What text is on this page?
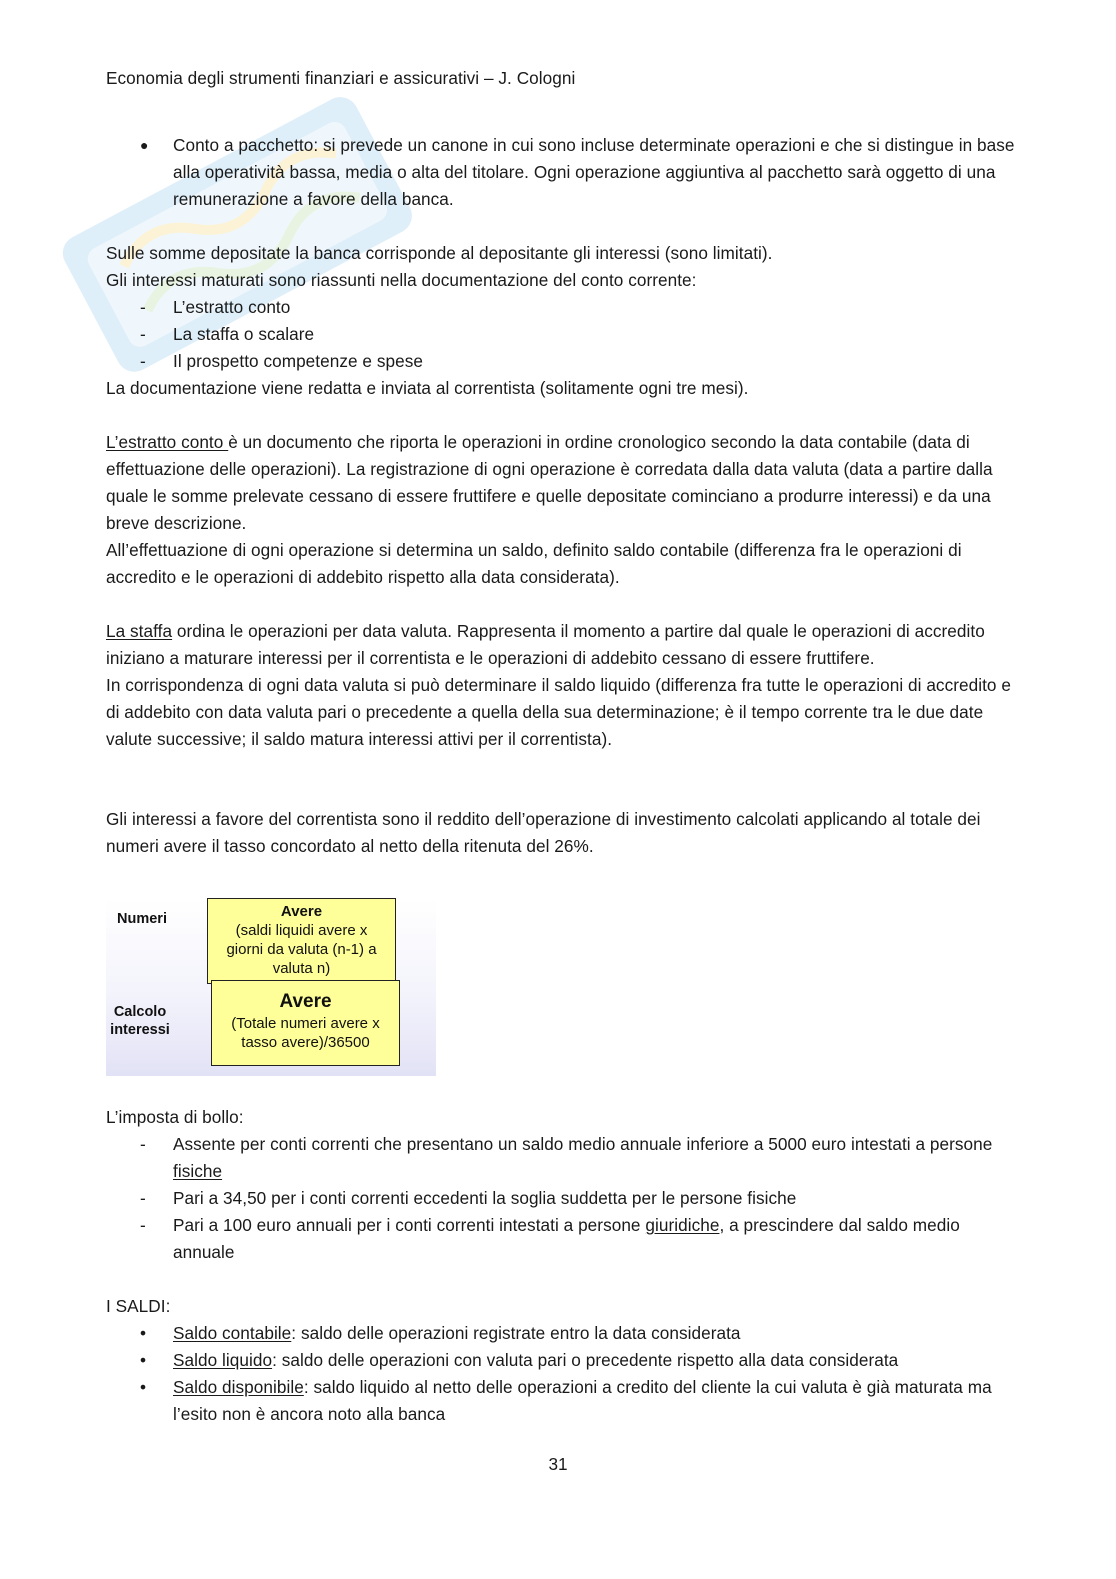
Economia degli strumenti finanziari e assicurativi – J. Cologni
● Conto a pacchetto: si prevede un canone in cui sono incluse determinate operazioni e che si distingue in base alla operatività bassa, media o alta del titolare. Ogni operazione aggiuntiva al pacchetto sarà oggetto di una remunerazione a favore della banca.

Sulle somme depositate la banca corrisponde al depositante gli interessi (sono limitati).

Gli interessi maturati sono riassunti nella documentazione del conto corrente:

- L’estratto conto
- La staffa o scalare
- Il prospetto competenze e spese

La documentazione viene redatta e inviata al correntista (solitamente ogni tre mesi).

L’estratto conto è un documento che riporta le operazioni in ordine cronologico secondo la data contabile (data di effettuazione delle operazioni). La registrazione di ogni operazione è corredata dalla data valuta (data a partire dalla quale le somme prelevate cessano di essere fruttifere e quelle depositate cominciano a produrre interessi) e da una breve descrizione.

All’effettuazione di ogni operazione si determina un saldo, definito saldo contabile (differenza fra le operazioni di accredito e le operazioni di addebito rispetto alla data considerata).

La staffa ordina le operazioni per data valuta. Rappresenta il momento a partire dal quale le operazioni di accredito iniziano a maturare interessi per il correntista e le operazioni di addebito cessano di essere fruttifere.

In corrispondenza di ogni data valuta si può determinare il saldo liquido (differenza fra tutte le operazioni di accredito e di addebito con data valuta pari o precedente a quella della sua determinazione; è il tempo corrente tra le due date valute successive; il saldo matura interessi attivi per il correntista).

Gli interessi a favore del correntista sono il reddito dell’operazione di investimento calcolati applicando al totale dei numeri avere il tasso concordato al netto della ritenuta del 26%.

Numeri
Calcolo
interessi
Avere
(saldi liquidi avere x
giorni da valuta (n-1) a
valuta n)
Avere
(Totale numeri avere x
tasso avere)/36500

L’imposta di bollo:

- Assente per conti correnti che presentano un saldo medio annuale inferiore a 5000 euro intestati a persone fisiche
- Pari a 34,50 per i conti correnti eccedenti la soglia suddetta per le persone fisiche
- Pari a 100 euro annuali per i conti correnti intestati a persone giuridiche, a prescindere dal saldo medio annuale

I SALDI:

• Saldo contabile: saldo delle operazioni registrate entro la data considerata
• Saldo liquido: saldo delle operazioni con valuta pari o precedente rispetto alla data considerata
• Saldo disponibile: saldo liquido al netto delle operazioni a credito del cliente la cui valuta è già maturata ma l’esito non è ancora noto alla banca
31
